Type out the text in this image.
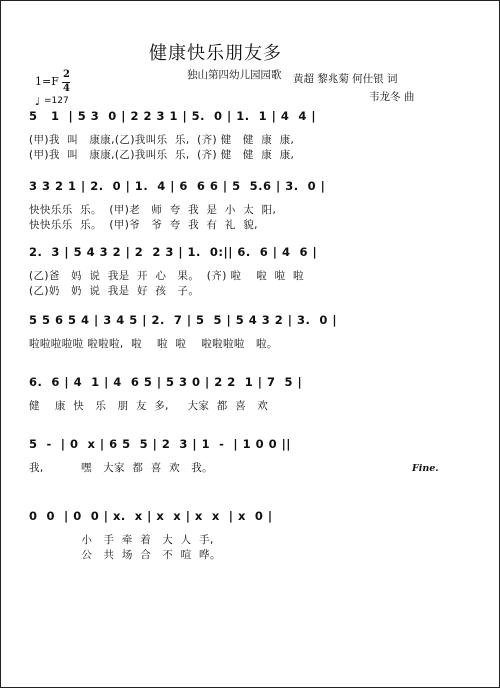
健康快乐朋友多
独山第四幼儿园园歌 黄超 黎兆菊 何仕银 词
韦龙冬 曲
1=F
2
4
♩ =127
5   1  | 5 3  0 | 2 2 3 1 | 5.  0 | 1.  1 | 4  4 |
(甲)我  叫   康康,(乙)我叫乐  乐,  (齐) 健   健  康  康,
(甲)我  叫   康康,(乙)我叫乐  乐,  (齐) 健   健  康  康,
3 3 2 1 | 2.  0 | 1.  4 | 6  6 6 | 5  5.6 | 3.  0 |
快快乐乐  乐。  (甲)老   师  夸  我  是  小  太  阳,
快快乐乐  乐。  (甲)爷   爷  夸  我  有  礼  貌,
2.  3 | 5 4 3 2 | 2  2 3 | 1.  0:|| 6.  6 | 4  6 |
(乙)爸   妈  说  我是  开  心   果。  (齐) 啦    啦  啦  啦
(乙)奶   奶  说  我是  好  孩   子。
5 5 6 5 4 | 3 4 5 | 2.  7 | 5  5 | 5 4 3 2 | 3.  0 |
啦啦啦啦啦 啦啦啦,  啦    啦  啦    啦啦啦啦   啦。
6.  6 | 4  1 | 4  6 5 | 5 3 0 | 2 2  1 | 7  5 |
健    康  快   乐   朋  友  多,     大家  都  喜   欢
5  -  | 0  x | 6 5  5 | 2  3 | 1  -  | 1 0 0 ||
我,          嘿   大家  都  喜  欢   我。	Fine.
0  0  | 0  0 | x.  x | x  x | x  x  | x  0 |
小   手  牵  着   大  人  手,
公   共  场  合   不  喧  哗。
